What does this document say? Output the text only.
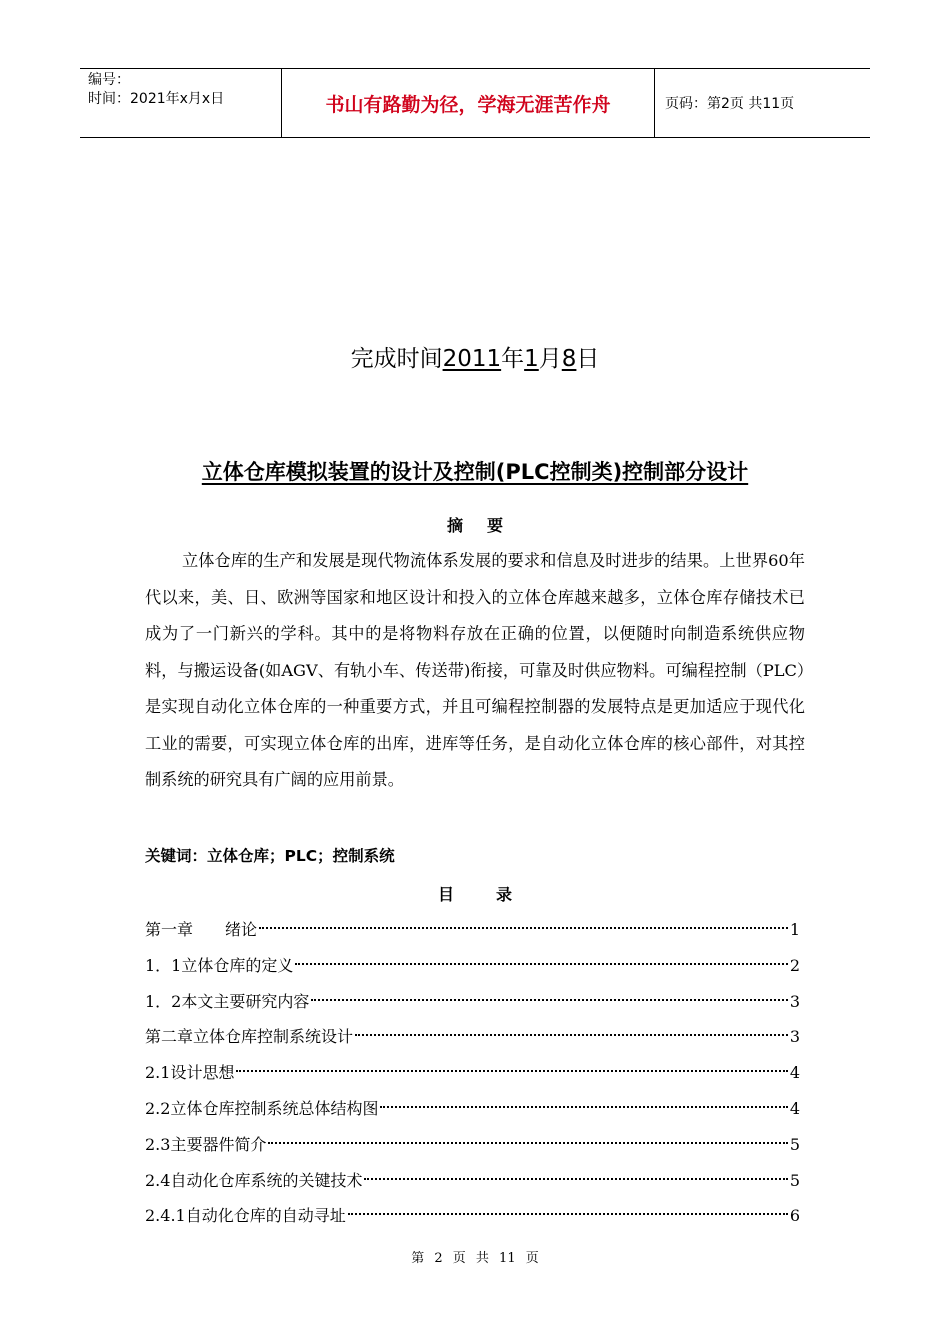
编号：
时间：2021年x月x日	书山有路勤为径，学海无涯苦作舟	页码：第2页 共11页
完成时间2011年1月8日
立体仓库模拟装置的设计及控制(PLC控制类)控制部分设计
摘要
立体仓库的生产和发展是现代物流体系发展的要求和信息及时进步的结果。上世界60年代以来，美、日、欧洲等国家和地区设计和投入的立体仓库越来越多，立体仓库存储技术已成为了一门新兴的学科。其中的是将物料存放在正确的位置，以便随时向制造系统供应物料，与搬运设备(如AGV、有轨小车、传送带)衔接，可靠及时供应物料。可编程控制（PLC）是实现自动化立体仓库的一种重要方式，并且可编程控制器的发展特点是更加适应于现代化工业的需要，可实现立体仓库的出库，进库等任务，是自动化立体仓库的核心部件，对其控制系统的研究具有广阔的应用前景。
关键词：立体仓库；PLC；控制系统
目录
第一章　　绪论	1
1．1立体仓库的定义	2
1．2本文主要研究内容	3
第二章立体仓库控制系统设计	3
2.1设计思想	4
2.2立体仓库控制系统总体结构图	4
2.3主要器件简介	5
2.4自动化仓库系统的关键技术	5
2.4.1自动化仓库的自动寻址	6
第 2 页 共 11 页
